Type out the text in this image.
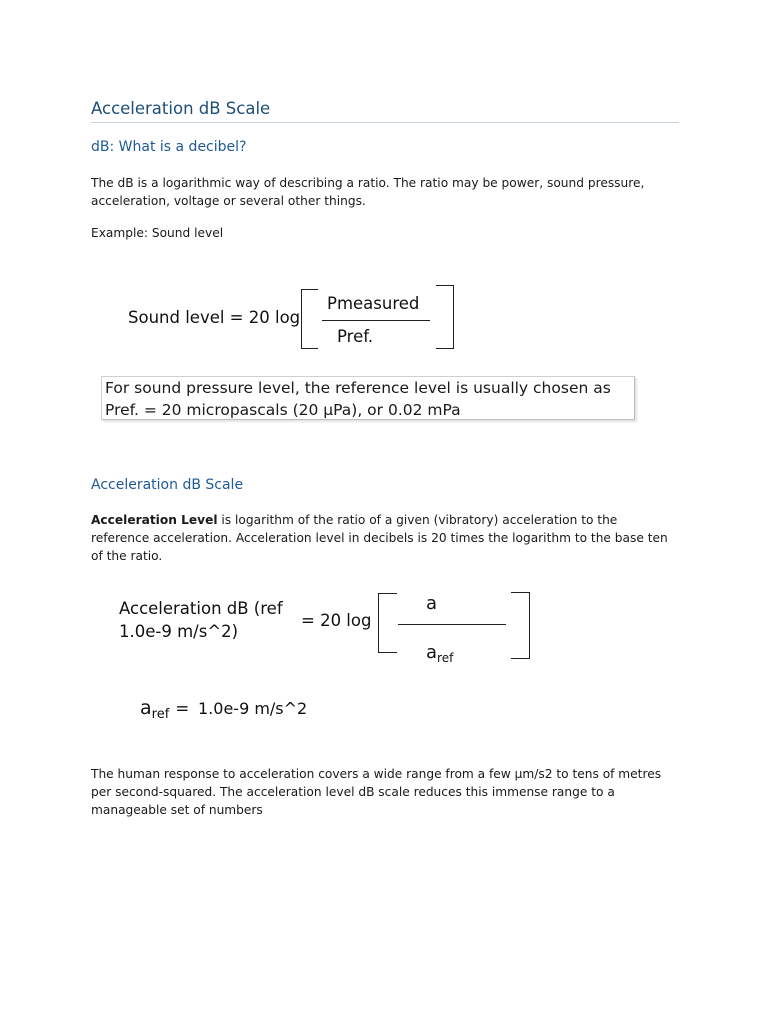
Acceleration dB Scale
dB: What is a decibel?
The dB is a logarithmic way of describing a ratio. The ratio may be power, sound pressure,
acceleration, voltage or several other things.
Example: Sound level
Sound level = 20 log
Pmeasured
Pref.
For sound pressure level, the reference level is usually chosen as
Pref. = 20 micropascals (20 μPa), or 0.02 mPa
Acceleration dB Scale
Acceleration Level is logarithm of the ratio of a given (vibratory) acceleration to the
reference acceleration. Acceleration level in decibels is 20 times the logarithm to the base ten
of the ratio.
Acceleration dB (ref
1.0e-9 m/s^2)
= 20 log
a
$a_{ref}$
$a_{ref} = 1.0e-9$ m/s^2
The human response to acceleration covers a wide range from a few μm/s2 to tens of metres
per second-squared. The acceleration level dB scale reduces this immense range to a
manageable set of numbers
